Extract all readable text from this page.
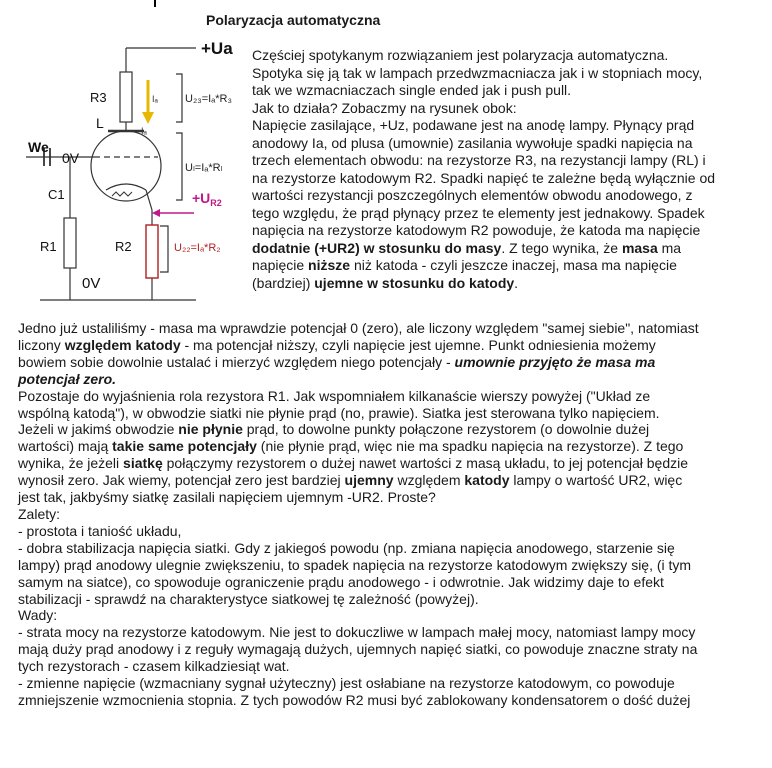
Polaryzacja automatyczna
+Ua
U₂₃=Iₐ*R₃
Iₐ
R3
L
Uₗ=Iₐ*Rₗ
We
0V
C1	$+U_{R2}$
Iₐ
R1	R2	U₂₂=Iₐ*R₂
0V

Częściej spotykanym rozwiązaniem jest polaryzacja automatyczna.

Spotyka się ją tak w lampach przedwzmacniacza jak i w stopniach mocy,

tak we wzmacniaczach single ended jak i push pull.

Jak to działa? Zobaczmy na rysunek obok:

Napięcie zasilające, +Uz, podawane jest na anodę lampy. Płynący prąd

anodowy Ia, od plusa (umownie) zasilania wywołuje spadki napięcia na

trzech elementach obwodu: na rezystorze R3, na rezystancji lampy (RL) i

na rezystorze katodowym R2. Spadki napięć te zależne będą wyłącznie od

wartości rezystancji poszczególnych elementów obwodu anodowego, z

tego względu, że prąd płynący przez te elementy jest jednakowy. Spadek

napięcia na rezystorze katodowym R2 powoduje, że katoda ma napięcie

dodatnie (+UR2) w stosunku do masy. Z tego wynika, że masa ma

napięcie niższe niż katoda - czyli jeszcze inaczej, masa ma napięcie

(bardziej) ujemne w stosunku do katody.

Jedno już ustaliliśmy - masa ma wprawdzie potencjał 0 (zero), ale liczony względem "samej siebie", natomiast

liczony względem katody - ma potencjał niższy, czyli napięcie jest ujemne. Punkt odniesienia możemy

bowiem sobie dowolnie ustalać i mierzyć względem niego potencjały - umownie przyjęto że masa ma

potencjał zero.

Pozostaje do wyjaśnienia rola rezystora R1. Jak wspomniałem kilkanaście wierszy powyżej ("Układ ze

wspólną katodą"), w obwodzie siatki nie płynie prąd (no, prawie). Siatka jest sterowana tylko napięciem.

Jeżeli w jakimś obwodzie nie płynie prąd, to dowolne punkty połączone rezystorem (o dowolnie dużej

wartości) mają takie same potencjały (nie płynie prąd, więc nie ma spadku napięcia na rezystorze). Z tego

wynika, że jeżeli siatkę połączymy rezystorem o dużej nawet wartości z masą układu, to jej potencjał będzie

wynosił zero. Jak wiemy, potencjał zero jest bardziej ujemny względem katody lampy o wartość UR2, więc

jest tak, jakbyśmy siatkę zasilali napięciem ujemnym -UR2. Proste?

Zalety:

- prostota i taniość układu,

- dobra stabilizacja napięcia siatki. Gdy z jakiegoś powodu (np. zmiana napięcia anodowego, starzenie się

lampy) prąd anodowy ulegnie zwiększeniu, to spadek napięcia na rezystorze katodowym zwiększy się, (i tym

samym na siatce), co spowoduje ograniczenie prądu anodowego - i odwrotnie. Jak widzimy daje to efekt

stabilizacji - sprawdź na charakterystyce siatkowej tę zależność (powyżej).

Wady:

- strata mocy na rezystorze katodowym. Nie jest to dokuczliwe w lampach małej mocy, natomiast lampy mocy

mają duży prąd anodowy i z reguły wymagają dużych, ujemnych napięć siatki, co powoduje znaczne straty na

tych rezystorach - czasem kilkadziesiąt wat.

- zmienne napięcie (wzmacniany sygnał użyteczny) jest osłabiane na rezystorze katodowym, co powoduje

zmniejszenie wzmocnienia stopnia. Z tych powodów R2 musi być zablokowany kondensatorem o dość dużej
